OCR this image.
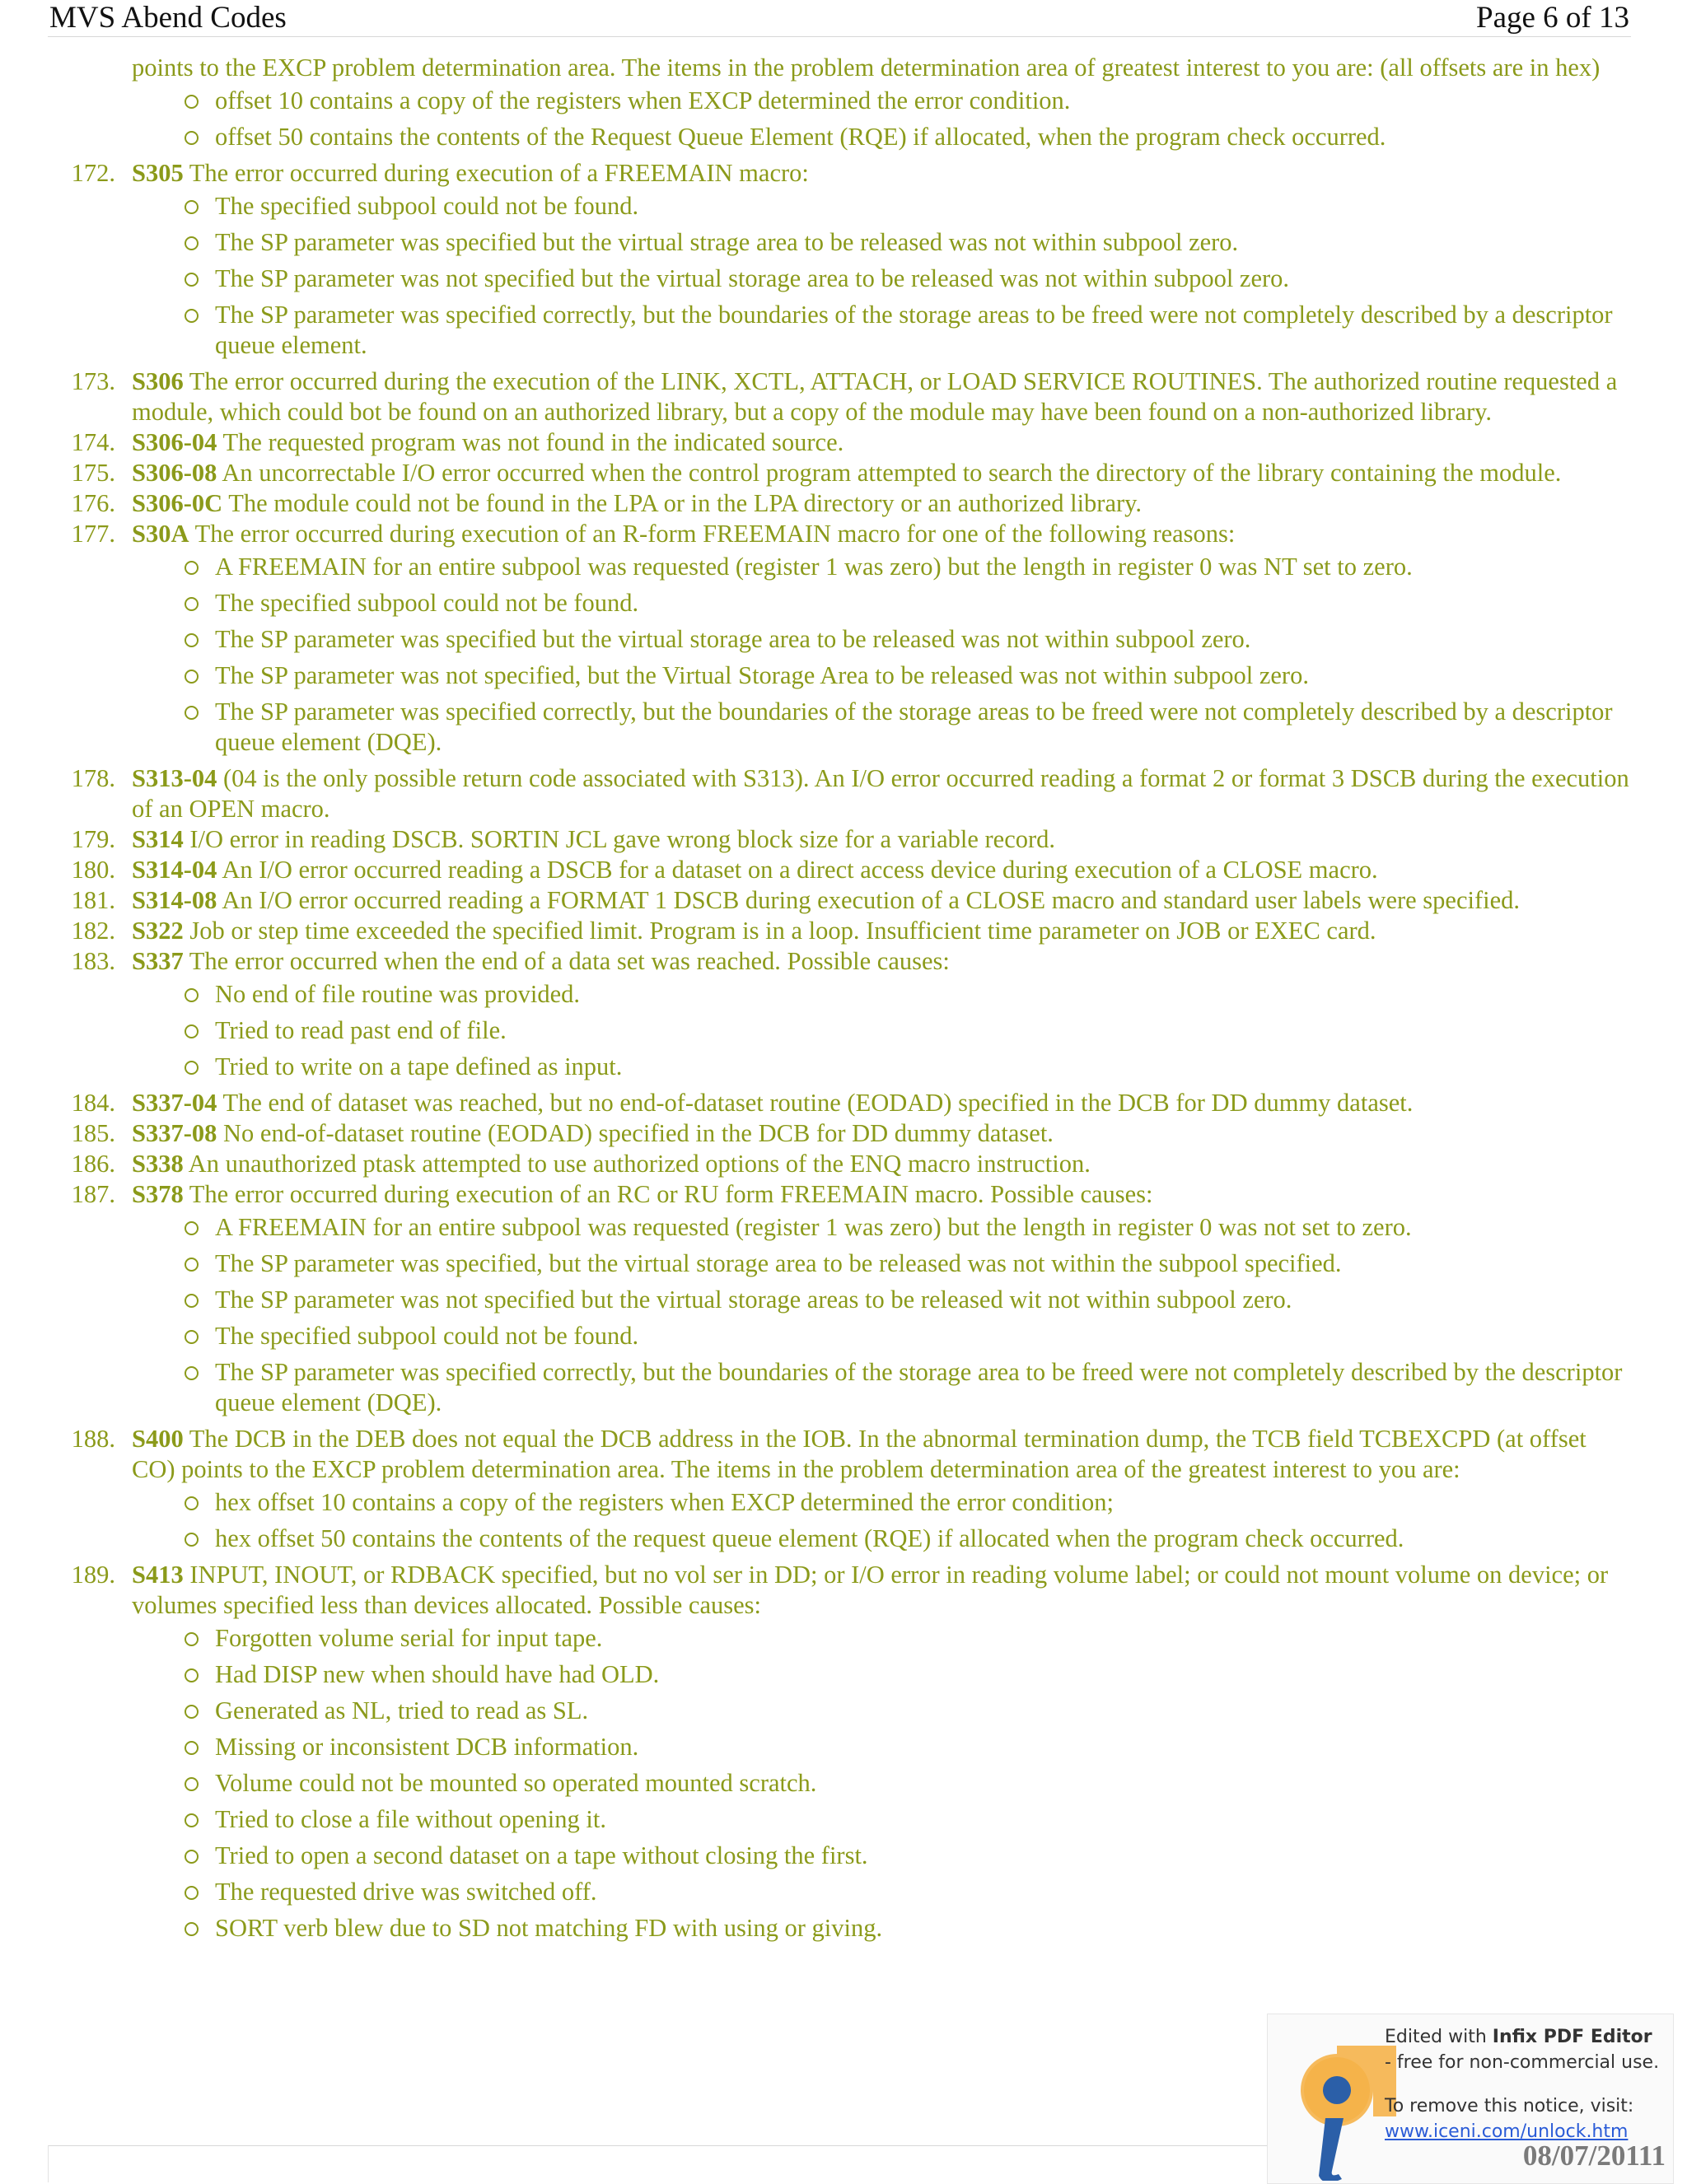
MVS Abend Codes	Page 6 of 13

points to the EXCP problem determination area. The items in the problem determination area of greatest interest to you are: (all offsets are in hex)

offset 10 contains a copy of the registers when EXCP determined the error condition.
offset 50 contains the contents of the Request Queue Element (RQE) if allocated, when the program check occurred.

172. S305 The error occurred during execution of a FREEMAIN macro:

The specified subpool could not be found.
The SP parameter was specified but the virtual strage area to be released was not within subpool zero.
The SP parameter was not specified but the virtual storage area to be released was not within subpool zero.
The SP parameter was specified correctly, but the boundaries of the storage areas to be freed were not completely described by a descriptor queue element.

173. S306 The error occurred during the execution of the LINK, XCTL, ATTACH, or LOAD SERVICE ROUTINES. The authorized routine requested a module, which could bot be found on an authorized library, but a copy of the module may have been found on a non-authorized library.

174. S306-04 The requested program was not found in the indicated source.

175. S306-08 An uncorrectable I/O error occurred when the control program attempted to search the directory of the library containing the module.

176. S306-0C The module could not be found in the LPA or in the LPA directory or an authorized library.

177. S30A The error occurred during execution of an R-form FREEMAIN macro for one of the following reasons:

A FREEMAIN for an entire subpool was requested (register 1 was zero) but the length in register 0 was NT set to zero.
The specified subpool could not be found.
The SP parameter was specified but the virtual storage area to be released was not within subpool zero.
The SP parameter was not specified, but the Virtual Storage Area to be released was not within subpool zero.
The SP parameter was specified correctly, but the boundaries of the storage areas to be freed were not completely described by a descriptor queue element (DQE).

178. S313-04 (04 is the only possible return code associated with S313). An I/O error occurred reading a format 2 or format 3 DSCB during the execution of an OPEN macro.

179. S314 I/O error in reading DSCB. SORTIN JCL gave wrong block size for a variable record.

180. S314-04 An I/O error occurred reading a DSCB for a dataset on a direct access device during execution of a CLOSE macro.

181. S314-08 An I/O error occurred reading a FORMAT 1 DSCB during execution of a CLOSE macro and standard user labels were specified.

182. S322 Job or step time exceeded the specified limit. Program is in a loop. Insufficient time parameter on JOB or EXEC card.

183. S337 The error occurred when the end of a data set was reached. Possible causes:

No end of file routine was provided.
Tried to read past end of file.
Tried to write on a tape defined as input.

184. S337-04 The end of dataset was reached, but no end-of-dataset routine (EODAD) specified in the DCB for DD dummy dataset.

185. S337-08 No end-of-dataset routine (EODAD) specified in the DCB for DD dummy dataset.

186. S338 An unauthorized ptask attempted to use authorized options of the ENQ macro instruction.

187. S378 The error occurred during execution of an RC or RU form FREEMAIN macro. Possible causes:

A FREEMAIN for an entire subpool was requested (register 1 was zero) but the length in register 0 was not set to zero.
The SP parameter was specified, but the virtual storage area to be released was not within the subpool specified.
The SP parameter was not specified but the virtual storage areas to be released wit not within subpool zero.
The specified subpool could not be found.
The SP parameter was specified correctly, but the boundaries of the storage area to be freed were not completely described by the descriptor queue element (DQE).

188. S400 The DCB in the DEB does not equal the DCB address in the IOB. In the abnormal termination dump, the TCB field TCBEXCPD (at offset CO) points to the EXCP problem determination area. The items in the problem determination area of the greatest interest to you are:

hex offset 10 contains a copy of the registers when EXCP determined the error condition;
hex offset 50 contains the contents of the request queue element (RQE) if allocated when the program check occurred.

189. S413 INPUT, INOUT, or RDBACK specified, but no vol ser in DD; or I/O error in reading volume label; or could not mount volume on device; or volumes specified less than devices allocated. Possible causes:

Forgotten volume serial for input tape.
Had DISP new when should have had OLD.
Generated as NL, tried to read as SL.
Missing or inconsistent DCB information.
Volume could not be mounted so operated mounted scratch.
Tried to close a file without opening it.
Tried to open a second dataset on a tape without closing the first.
The requested drive was switched off.
SORT verb blew due to SD not matching FD with using or giving.
Edited with Infix PDF Editor
- free for non-commercial use.
To remove this notice, visit:
www.iceni.com/unlock.htm
08/07/20111
